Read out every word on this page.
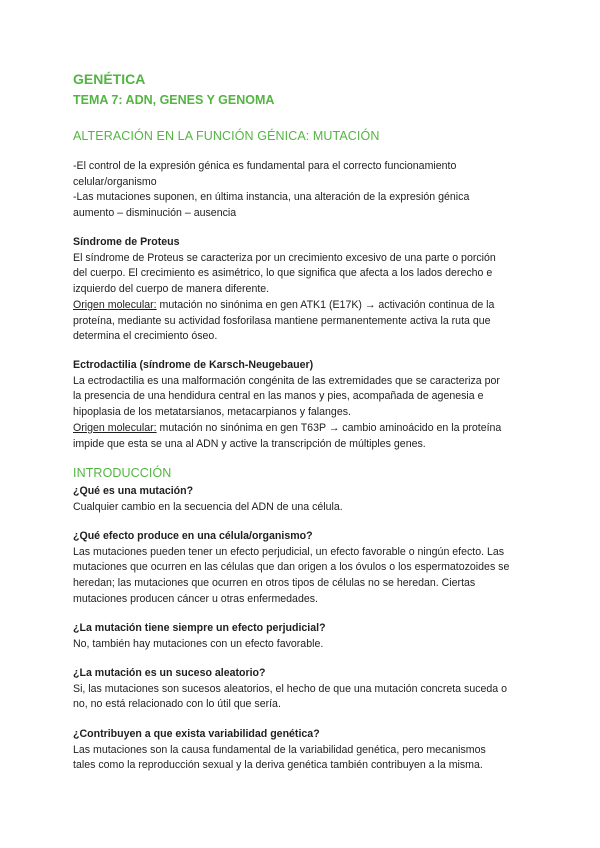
GENÉTICA
TEMA 7: ADN, GENES Y GENOMA
ALTERACIÓN EN LA FUNCIÓN GÉNICA: MUTACIÓN

-El control de la expresión génica es fundamental para el correcto funcionamiento

celular/organismo

-Las mutaciones suponen, en última instancia, una alteración de la expresión génica

aumento – disminución – ausencia

Síndrome de Proteus

El síndrome de Proteus se caracteriza por un crecimiento excesivo de una parte o porción

del cuerpo. El crecimiento es asimétrico, lo que significa que afecta a los lados derecho e

izquierdo del cuerpo de manera diferente.

Origen molecular: mutación no sinónima en gen ATK1 (E17K) → activación continua de la

proteína, mediante su actividad fosforilasa mantiene permanentemente activa la ruta que

determina el crecimiento óseo.

Ectrodactilia (síndrome de Karsch-Neugebauer)

La ectrodactilia es una malformación congénita de las extremidades que se caracteriza por

la presencia de una hendidura central en las manos y pies, acompañada de agenesia e

hipoplasia de los metatarsianos, metacarpianos y falanges.

Origen molecular: mutación no sinónima en gen T63P → cambio aminoácido en la proteína

impide que esta se una al ADN y active la transcripción de múltiples genes.

INTRODUCCIÓN

¿Qué es una mutación?

Cualquier cambio en la secuencia del ADN de una célula.

¿Qué efecto produce en una célula/organismo?

Las mutaciones pueden tener un efecto perjudicial, un efecto favorable o ningún efecto. Las

mutaciones que ocurren en las células que dan origen a los óvulos o los espermatozoides se

heredan; las mutaciones que ocurren en otros tipos de células no se heredan. Ciertas

mutaciones producen cáncer u otras enfermedades.

¿La mutación tiene siempre un efecto perjudicial?

No, también hay mutaciones con un efecto favorable.

¿La mutación es un suceso aleatorio?

Si, las mutaciones son sucesos aleatorios, el hecho de que una mutación concreta suceda o

no, no está relacionado con lo útil que sería.

¿Contribuyen a que exista variabilidad genética?

Las mutaciones son la causa fundamental de la variabilidad genética, pero mecanismos

tales como la reproducción sexual y la deriva genética también contribuyen a la misma.
